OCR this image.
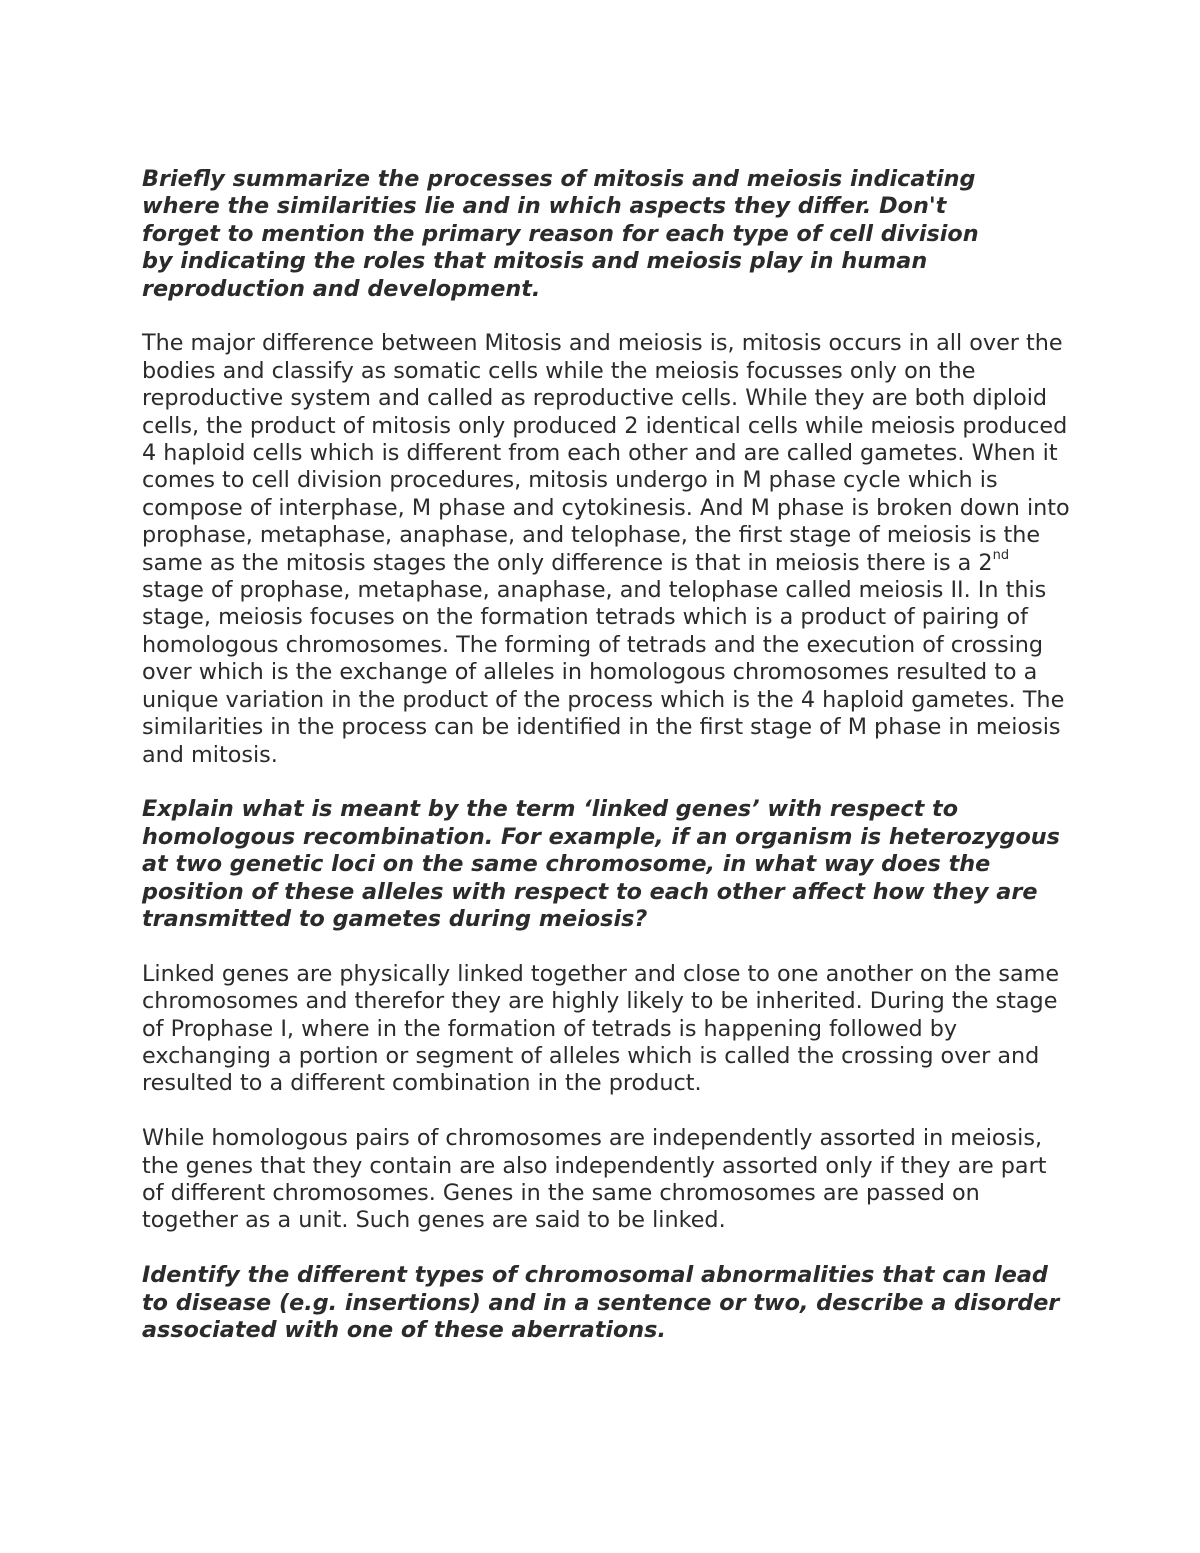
Briefly summarize the processes of mitosis and meiosis indicating
where the similarities lie and in which aspects they differ. Don't
forget to mention the primary reason for each type of cell division
by indicating the roles that mitosis and meiosis play in human
reproduction and development.

The major difference between Mitosis and meiosis is, mitosis occurs in all over the bodies and classify as somatic cells while the meiosis focusses only on the reproductive system and called as reproductive cells. While they are both diploid cells, the product of mitosis only produced 2 identical cells while meiosis produced 4 haploid cells which is different from each other and are called gametes. When it comes to cell division procedures, mitosis undergo in M phase cycle which is compose of interphase, M phase and cytokinesis. And M phase is broken down into prophase, metaphase, anaphase, and telophase, the first stage of meiosis is the same as the mitosis stages the only difference is that in meiosis there is a 2nd stage of prophase, metaphase, anaphase, and telophase called meiosis II. In this stage, meiosis focuses on the formation tetrads which is a product of pairing of homologous chromosomes. The forming of tetrads and the execution of crossing over which is the exchange of alleles in homologous chromosomes resulted to a unique variation in the product of the process which is the 4 haploid gametes. The similarities in the process can be identified in the first stage of M phase in meiosis and mitosis.

Explain what is meant by the term ‘linked genes’ with respect to homologous recombination. For example, if an organism is heterozygous at two genetic loci on the same chromosome, in what way does the position of these alleles with respect to each other affect how they are transmitted to gametes during meiosis?

Linked genes are physically linked together and close to one another on the same chromosomes and therefor they are highly likely to be inherited. During the stage of Prophase I, where in the formation of tetrads is happening followed by exchanging a portion or segment of alleles which is called the crossing over and resulted to a different combination in the product.

While homologous pairs of chromosomes are independently assorted in meiosis, the genes that they contain are also independently assorted only if they are part of different chromosomes. Genes in the same chromosomes are passed on together as a unit. Such genes are said to be linked.

Identify the different types of chromosomal abnormalities that can lead to disease (e.g. insertions) and in a sentence or two, describe a disorder associated with one of these aberrations.
